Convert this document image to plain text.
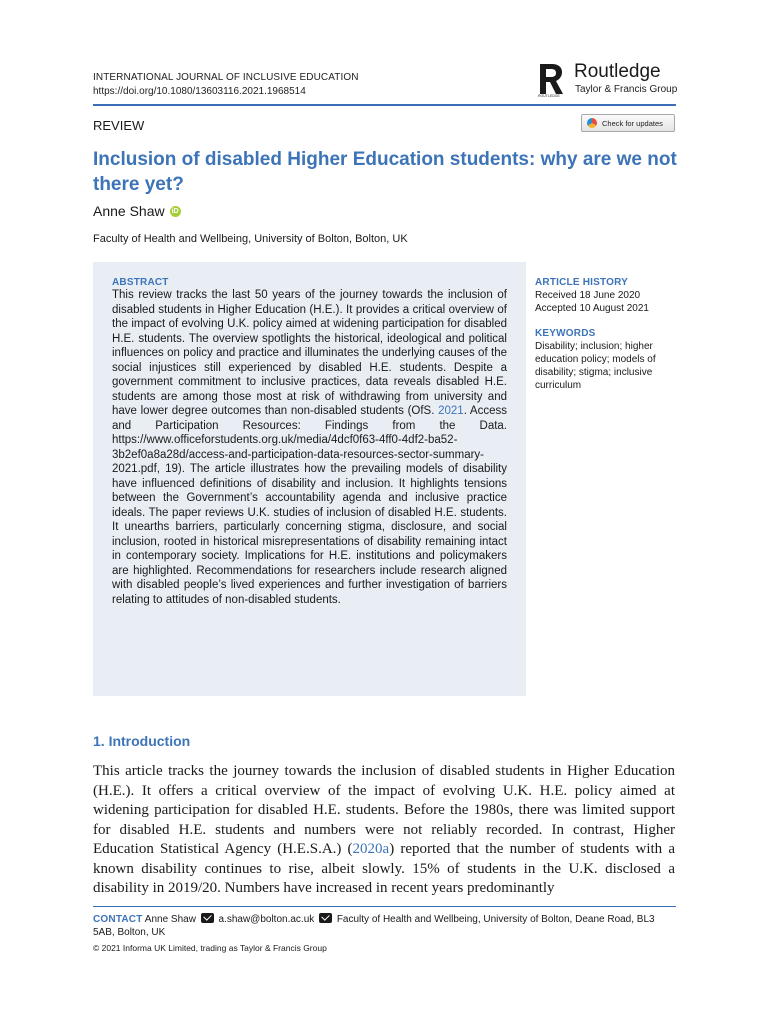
INTERNATIONAL JOURNAL OF INCLUSIVE EDUCATION
https://doi.org/10.1080/13603116.2021.1968514	ROUTLEDGE
Routledge
Taylor & Francis Group
REVIEW	Check for updates
Inclusion of disabled Higher Education students: why are we not there yet?
Anne Shaw iD
Faculty of Health and Wellbeing, University of Bolton, Bolton, UK
ABSTRACT
This review tracks the last 50 years of the journey towards the inclusion of disabled students in Higher Education (H.E.). It provides a critical overview of the impact of evolving U.K. policy aimed at widening participation for disabled H.E. students. The overview spotlights the historical, ideological and political influences on policy and practice and illuminates the underlying causes of the social injustices still experienced by disabled H.E. students. Despite a government commitment to inclusive practices, data reveals disabled H.E. students are among those most at risk of withdrawing from university and have lower degree outcomes than non-disabled students (OfS. 2021. Access and Participation Resources: Findings from the Data. https://www.officeforstudents.org.uk/media/4dcf0f63-4ff0-4df2-ba52-3b2ef0a8a28d/access-and-participation-data-resources-sector-summary-2021.pdf, 19). The article illustrates how the prevailing models of disability have influenced definitions of disability and inclusion. It highlights tensions between the Government’s accountability agenda and inclusive practice ideals. The paper reviews U.K. studies of inclusion of disabled H.E. students. It unearths barriers, particularly concerning stigma, disclosure, and social inclusion, rooted in historical misrepresentations of disability remaining intact in contemporary society. Implications for H.E. institutions and policymakers are highlighted. Recommendations for researchers include research aligned with disabled people’s lived experiences and further investigation of barriers relating to attitudes of non-disabled students.
ARTICLE HISTORY
Received 18 June 2020
Accepted 10 August 2021
KEYWORDS
Disability; inclusion; higher education policy; models of disability; stigma; inclusive curriculum
1. Introduction
This article tracks the journey towards the inclusion of disabled students in Higher Education (H.E.). It offers a critical overview of the impact of evolving U.K. H.E. policy aimed at widening participation for disabled H.E. students. Before the 1980s, there was limited support for disabled H.E. students and numbers were not reliably recorded. In contrast, Higher Education Statistical Agency (H.E.S.A.) (2020a) reported that the number of students with a known disability continues to rise, albeit slowly. 15% of students in the U.K. disclosed a disability in 2019/20. Numbers have increased in recent years predominantly
CONTACT Anne Shaw a.shaw@bolton.ac.uk Faculty of Health and Wellbeing, University of Bolton, Deane Road, BL3 5AB, Bolton, UK
© 2021 Informa UK Limited, trading as Taylor & Francis Group
